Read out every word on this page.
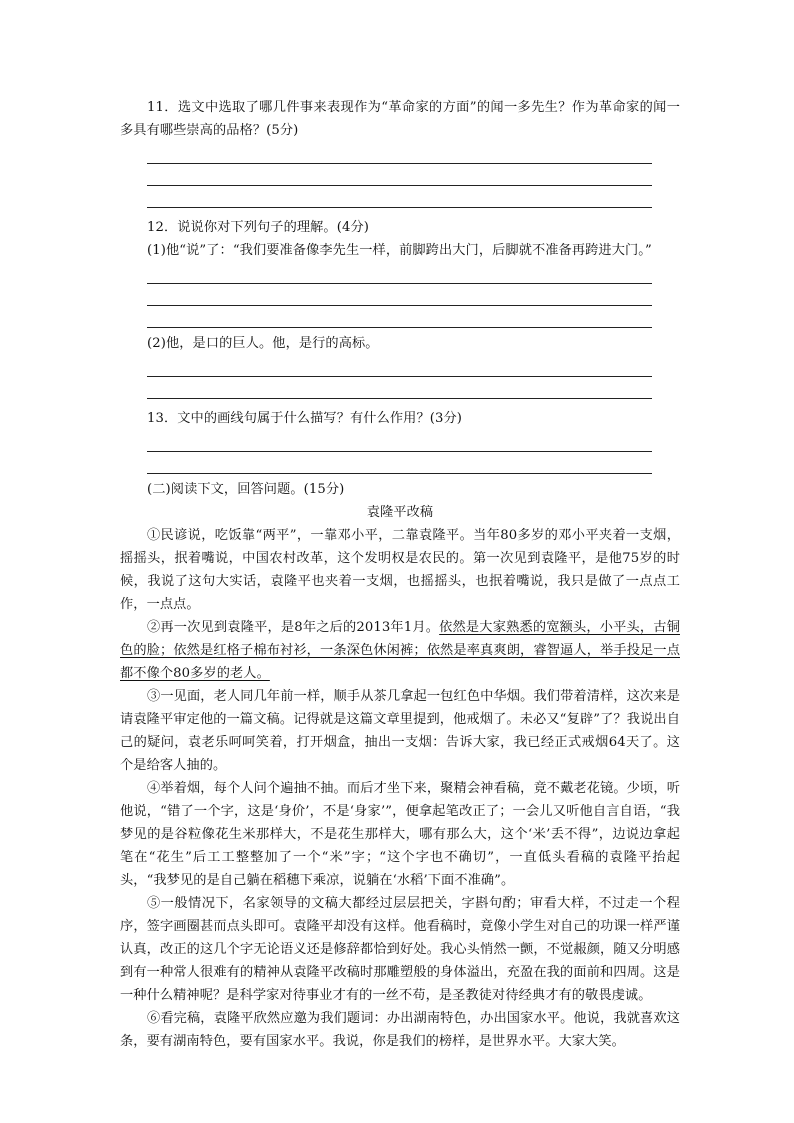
11．选文中选取了哪几件事来表现作为“革命家的方面”的闻一多先生？作为革命家的闻一多具有哪些崇高的品格？(5分)

12．说说你对下列句子的理解。(4分)

(1)他“说”了：“我们要准备像李先生一样，前脚跨出大门，后脚就不准备再跨进大门。”

(2)他，是口的巨人。他，是行的高标。

13．文中的画线句属于什么描写？有什么作用？(3分)

(二)阅读下文，回答问题。(15分)

袁隆平改稿

①民谚说，吃饭靠“两平”，一靠邓小平，二靠袁隆平。当年80多岁的邓小平夹着一支烟，摇摇头，抿着嘴说，中国农村改革，这个发明权是农民的。第一次见到袁隆平，是他75岁的时候，我说了这句大实话，袁隆平也夹着一支烟，也摇摇头，也抿着嘴说，我只是做了一点点工作，一点点。

②再一次见到袁隆平，是8年之后的2013年1月。依然是大家熟悉的宽额头，小平头，古铜色的脸；依然是红格子棉布衬衫，一条深色休闲裤；依然是率真爽朗，睿智逼人，举手投足一点都不像个80多岁的老人。

③一见面，老人同几年前一样，顺手从茶几拿起一包红色中华烟。我们带着清样，这次来是请袁隆平审定他的一篇文稿。记得就是这篇文章里提到，他戒烟了。未必又“复辟”了？我说出自己的疑问，袁老乐呵呵笑着，打开烟盒，抽出一支烟：告诉大家，我已经正式戒烟64天了。这个是给客人抽的。

④举着烟，每个人问个遍抽不抽。而后才坐下来，聚精会神看稿，竟不戴老花镜。少顷，听他说，“错了一个字，这是‘身价’，不是‘身家’”，便拿起笔改正了；一会儿又听他自言自语，“我梦见的是谷粒像花生米那样大，不是花生那样大，哪有那么大，这个‘米’丢不得”，边说边拿起笔在“花生”后工工整整加了一个“米”字；“这个字也不确切”，一直低头看稿的袁隆平抬起头，“我梦见的是自己躺在稻穗下乘凉，说躺在‘水稻’下面不准确”。

⑤一般情况下，名家领导的文稿大都经过层层把关，字斟句酌；审看大样，不过走一个程序，签字画圈甚而点头即可。袁隆平却没有这样。他看稿时，竟像小学生对自己的功课一样严谨认真，改正的这几个字无论语义还是修辞都恰到好处。我心头悄然一颤，不觉赧颜，随又分明感到有一种常人很难有的精神从袁隆平改稿时那雕塑般的身体溢出，充盈在我的面前和四周。这是一种什么精神呢？是科学家对待事业才有的一丝不苟，是圣教徒对待经典才有的敬畏虔诚。

⑥看完稿，袁隆平欣然应邀为我们题词：办出湖南特色，办出国家水平。他说，我就喜欢这条，要有湖南特色，要有国家水平。我说，你是我们的榜样，是世界水平。大家大笑。
